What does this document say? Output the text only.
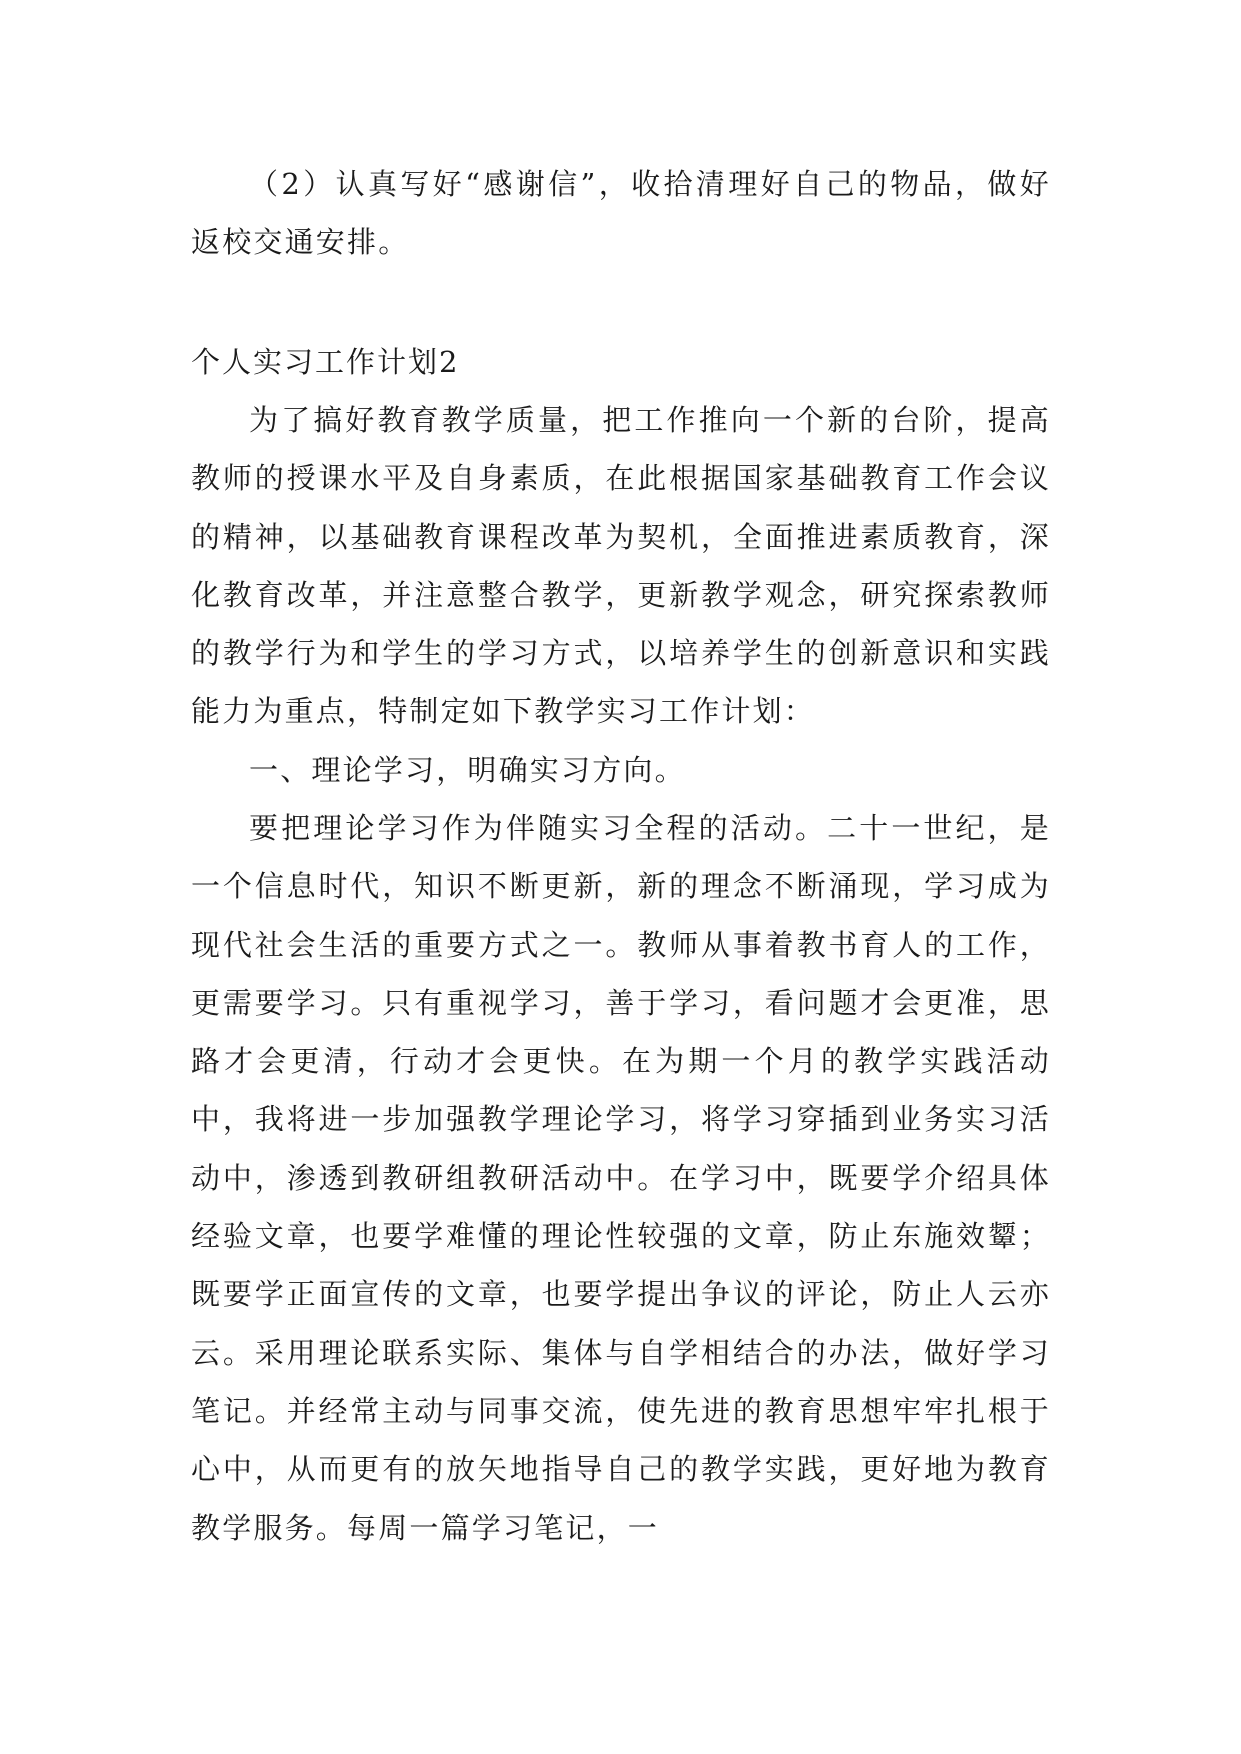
（2）认真写好“感谢信”，收拾清理好自己的物品，做好返校交通安排。

个人实习工作计划2

为了搞好教育教学质量，把工作推向一个新的台阶，提高教师的授课水平及自身素质，在此根据国家基础教育工作会议的精神，以基础教育课程改革为契机，全面推进素质教育，深化教育改革，并注意整合教学，更新教学观念，研究探索教师的教学行为和学生的学习方式，以培养学生的创新意识和实践能力为重点，特制定如下教学实习工作计划：

一、理论学习，明确实习方向。

要把理论学习作为伴随实习全程的活动。二十一世纪，是一个信息时代，知识不断更新，新的理念不断涌现，学习成为现代社会生活的重要方式之一。教师从事着教书育人的工作，更需要学习。只有重视学习，善于学习，看问题才会更准，思路才会更清，行动才会更快。在为期一个月的教学实践活动中，我将进一步加强教学理论学习，将学习穿插到业务实习活动中，渗透到教研组教研活动中。在学习中，既要学介绍具体经验文章，也要学难懂的理论性较强的文章，防止东施效颦；既要学正面宣传的文章，也要学提出争议的评论，防止人云亦云。采用理论联系实际、集体与自学相结合的办法，做好学习笔记。并经常主动与同事交流，使先进的教育思想牢牢扎根于心中，从而更有的放矢地指导自己的教学实践，更好地为教育教学服务。每周一篇学习笔记，一
